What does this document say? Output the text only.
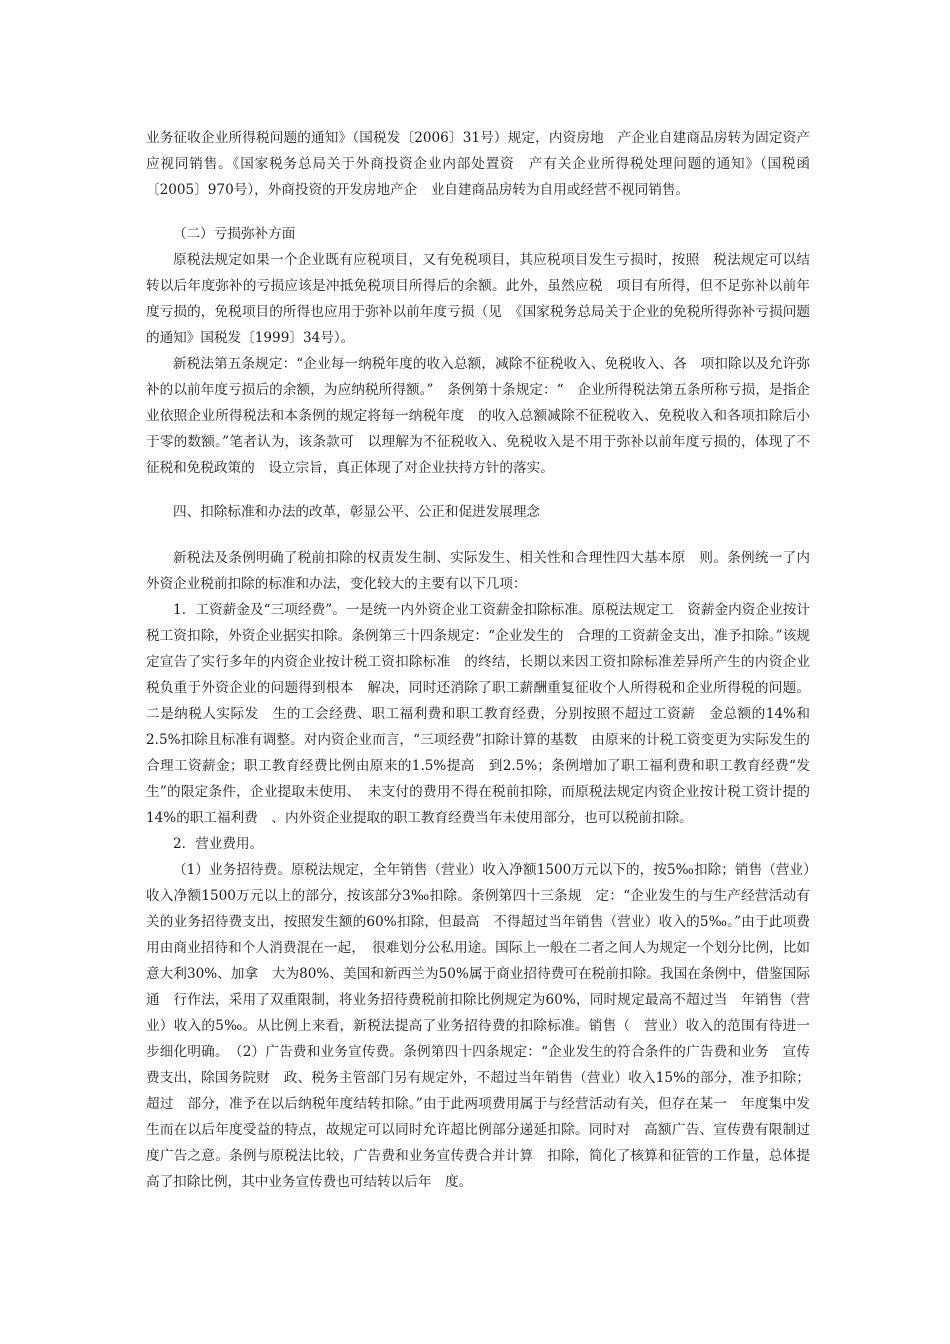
业务征收企业所得税问题的通知》（国税发〔2006〕31号）规定，内资房地　产企业自建商品房转为固定资产应视同销售。《国家税务总局关于外商投资企业内部处置资　产有关企业所得税处理问题的通知》（国税函〔2005〕970号），外商投资的开发房地产企　业自建商品房转为自用或经营不视同销售。

（二）亏损弥补方面

原税法规定如果一个企业既有应税项目，又有免税项目，其应税项目发生亏损时，按照　税法规定可以结转以后年度弥补的亏损应该是冲抵免税项目所得后的余额。此外，虽然应税　项目有所得，但不足弥补以前年度亏损的，免税项目的所得也应用于弥补以前年度亏损（见　《国家税务总局关于企业的免税所得弥补亏损问题的通知》国税发〔1999〕34号）。

新税法第五条规定：“企业每一纳税年度的收入总额，减除不征税收入、免税收入、各　项扣除以及允许弥补的以前年度亏损后的余额，为应纳税所得额。”　条例第十条规定：“　企业所得税法第五条所称亏损，是指企业依照企业所得税法和本条例的规定将每一纳税年度　的收入总额减除不征税收入、免税收入和各项扣除后小于零的数额。”笔者认为，该条款可　以理解为不征税收入、免税收入是不用于弥补以前年度亏损的，体现了不征税和免税政策的　设立宗旨，真正体现了对企业扶持方针的落实。

四、扣除标准和办法的改革，彰显公平、公正和促进发展理念

新税法及条例明确了税前扣除的权责发生制、实际发生、相关性和合理性四大基本原　则。条例统一了内外资企业税前扣除的标准和办法，变化较大的主要有以下几项：

1．工资薪金及“三项经费”。一是统一内外资企业工资薪金扣除标准。原税法规定工　资薪金内资企业按计税工资扣除，外资企业据实扣除。条例第三十四条规定：“企业发生的　合理的工资薪金支出，准予扣除。”该规定宣告了实行多年的内资企业按计税工资扣除标准　的终结，长期以来因工资扣除标准差异所产生的内资企业税负重于外资企业的问题得到根本　解决，同时还消除了职工薪酬重复征收个人所得税和企业所得税的问题。二是纳税人实际发　生的工会经费、职工福利费和职工教育经费，分别按照不超过工资薪　金总额的14%和2.5%扣除且标准有调整。对内资企业而言，“三项经费”扣除计算的基数　由原来的计税工资变更为实际发生的合理工资薪金；职工教育经费比例由原来的1.5%提高　到2.5%；条例增加了职工福利费和职工教育经费“发生”的限定条件，企业提取未使用、　未支付的费用不得在税前扣除，而原税法规定内资企业按计税工资计提的14%的职工福利费　、内外资企业提取的职工教育经费当年未使用部分，也可以税前扣除。

2．营业费用。

（1）业务招待费。原税法规定，全年销售（营业）收入净额1500万元以下的，按5‰扣除；销售（营业）收入净额1500万元以上的部分，按该部分3‰扣除。条例第四十三条规　定：“企业发生的与生产经营活动有关的业务招待费支出，按照发生额的60%扣除，但最高　不得超过当年销售（营业）收入的5‰。”由于此项费用由商业招待和个人消费混在一起，　很难划分公私用途。国际上一般在二者之间人为规定一个划分比例，比如意大利30%、加拿　大为80%、美国和新西兰为50%属于商业招待费可在税前扣除。我国在条例中，借鉴国际通　行作法，采用了双重限制，将业务招待费税前扣除比例规定为60%，同时规定最高不超过当　年销售（营业）收入的5‰。从比例上来看，新税法提高了业务招待费的扣除标准。销售（　营业）收入的范围有待进一步细化明确。　（2）广告费和业务宣传费。条例第四十四条规定：“企业发生的符合条件的广告费和业务　宣传费支出，除国务院财　政、税务主管部门另有规定外，不超过当年销售（营业）收入15%的部分，准予扣除；超过　部分，准予在以后纳税年度结转扣除。”由于此两项费用属于与经营活动有关，但存在某一　年度集中发生而在以后年度受益的特点，故规定可以同时允许超比例部分递延扣除。同时对　高额广告、宣传费有限制过度广告之意。条例与原税法比较，广告费和业务宣传费合并计算　扣除，简化了核算和征管的工作量，总体提高了扣除比例，其中业务宣传费也可结转以后年　度。
